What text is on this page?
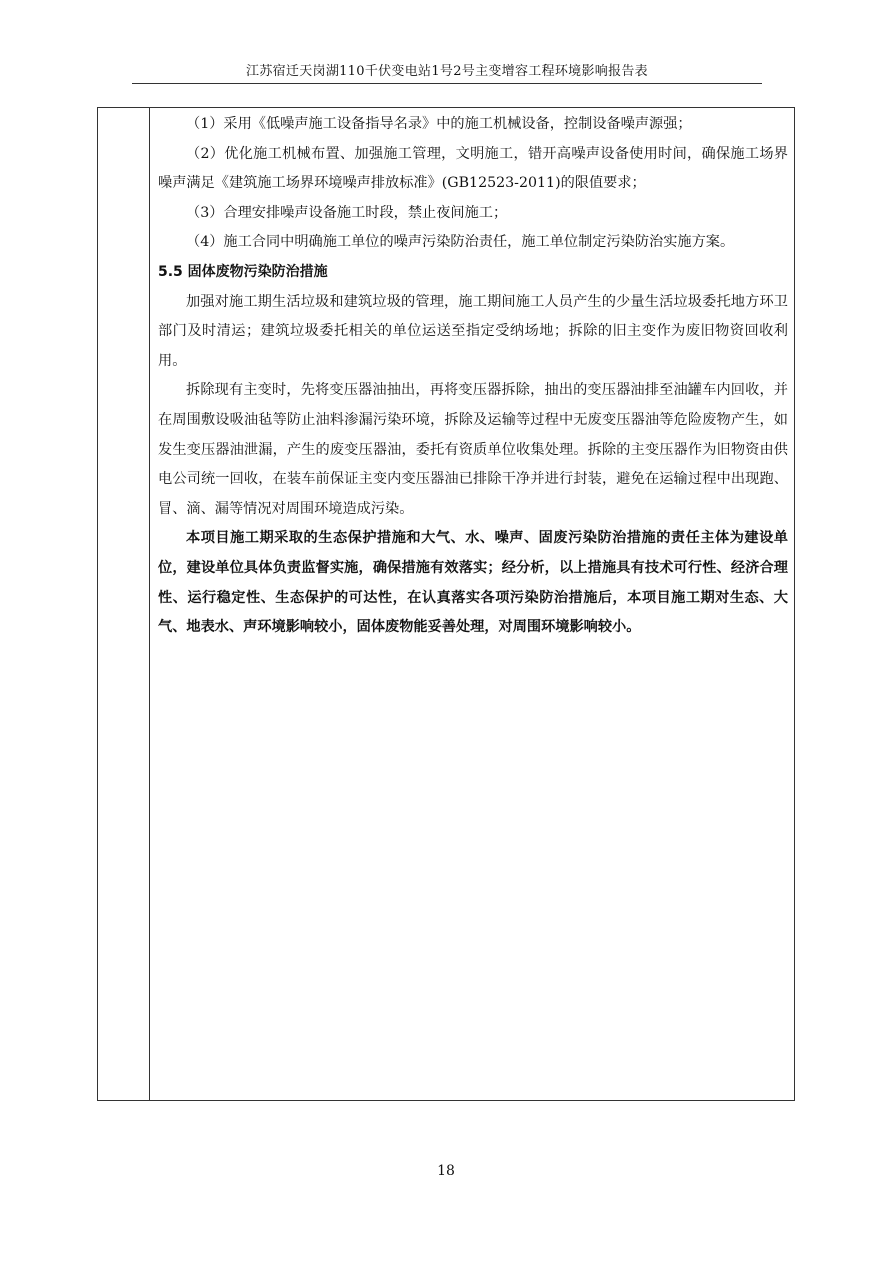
江苏宿迁天岗湖110千伏变电站1号2号主变增容工程环境影响报告表

（1）采用《低噪声施工设备指导名录》中的施工机械设备，控制设备噪声源强；

（2）优化施工机械布置、加强施工管理，文明施工，错开高噪声设备使用时间，确保施工场界噪声满足《建筑施工场界环境噪声排放标准》(GB12523-2011)的限值要求；

（3）合理安排噪声设备施工时段，禁止夜间施工；

（4）施工合同中明确施工单位的噪声污染防治责任，施工单位制定污染防治实施方案。

5.5 固体废物污染防治措施

加强对施工期生活垃圾和建筑垃圾的管理，施工期间施工人员产生的少量生活垃圾委托地方环卫部门及时清运；建筑垃圾委托相关的单位运送至指定受纳场地；拆除的旧主变作为废旧物资回收利用。

拆除现有主变时，先将变压器油抽出，再将变压器拆除，抽出的变压器油排至油罐车内回收，并在周围敷设吸油毡等防止油料渗漏污染环境，拆除及运输等过程中无废变压器油等危险废物产生，如发生变压器油泄漏，产生的废变压器油，委托有资质单位收集处理。拆除的主变压器作为旧物资由供电公司统一回收，在装车前保证主变内变压器油已排除干净并进行封装，避免在运输过程中出现跑、冒、滴、漏等情况对周围环境造成污染。

本项目施工期采取的生态保护措施和大气、水、噪声、固废污染防治措施的责任主体为建设单位，建设单位具体负责监督实施，确保措施有效落实；经分析，以上措施具有技术可行性、经济合理性、运行稳定性、生态保护的可达性，在认真落实各项污染防治措施后，本项目施工期对生态、大气、地表水、声环境影响较小，固体废物能妥善处理，对周围环境影响较小。

18
